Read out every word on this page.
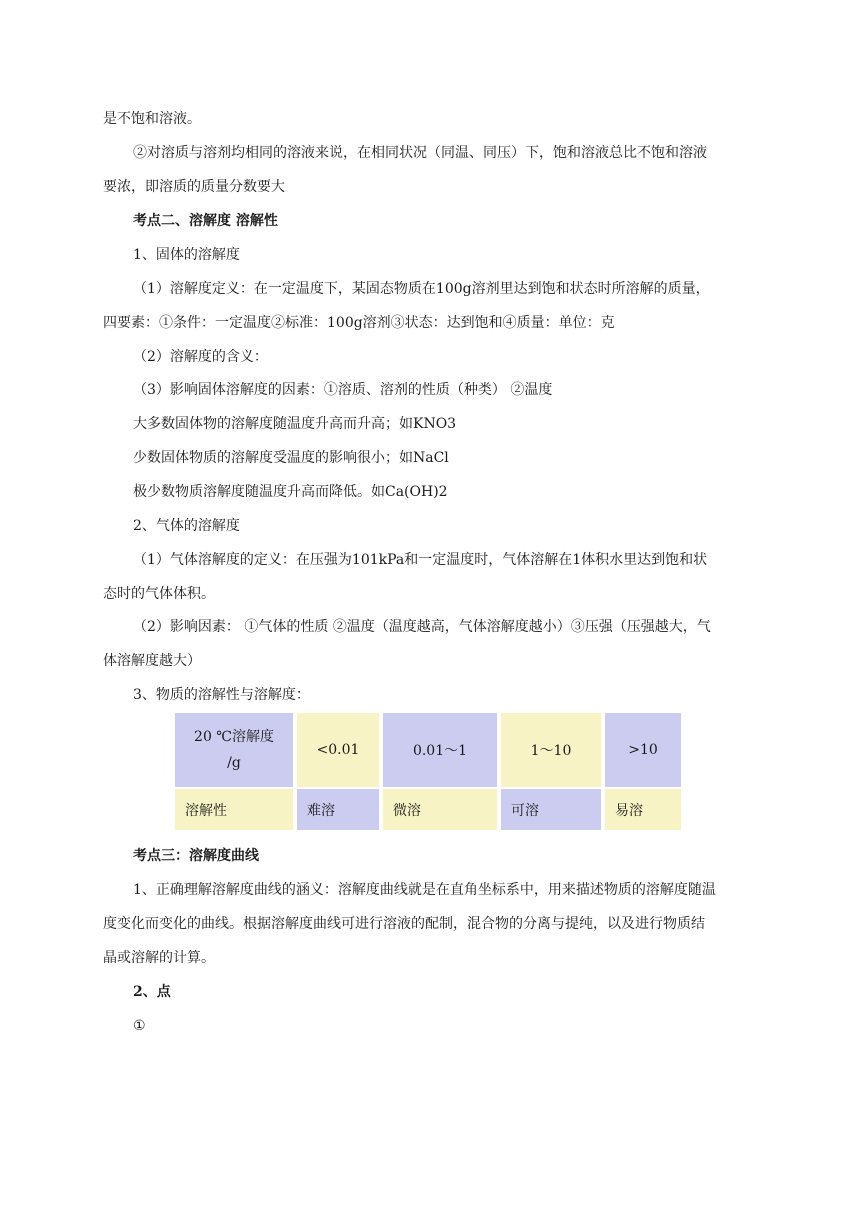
是不饱和溶液。
②对溶质与溶剂均相同的溶液来说，在相同状况（同温、同压）下，饱和溶液总比不饱和溶液
要浓，即溶质的质量分数要大
考点二、溶解度 溶解性
1、固体的溶解度
（1）溶解度定义：在一定温度下，某固态物质在100g溶剂里达到饱和状态时所溶解的质量，
四要素：①条件：一定温度②标准：100g溶剂③状态：达到饱和④质量：单位：克
（2）溶解度的含义：
（3）影响固体溶解度的因素：①溶质、溶剂的性质（种类） ②温度
大多数固体物的溶解度随温度升高而升高；如KNO3
少数固体物质的溶解度受温度的影响很小；如NaCl
极少数物质溶解度随温度升高而降低。如Ca(OH)2
2、气体的溶解度
（1）气体溶解度的定义：在压强为101kPa和一定温度时，气体溶解在1体积水里达到饱和状
态时的气体体积。
（2）影响因素： ①气体的性质 ②温度（温度越高，气体溶解度越小）③压强（压强越大，气
体溶解度越大）
3、物质的溶解性与溶解度：
20 ℃溶解度
/g	<0.01	0.01～1	1～10	>10
溶解性	难溶	微溶	可溶	易溶
考点三：溶解度曲线
1、正确理解溶解度曲线的涵义：溶解度曲线就是在直角坐标系中，用来描述物质的溶解度随温
度变化而变化的曲线。根据溶解度曲线可进行溶液的配制，混合物的分离与提纯，以及进行物质结
晶或溶解的计算。
2、点
①
